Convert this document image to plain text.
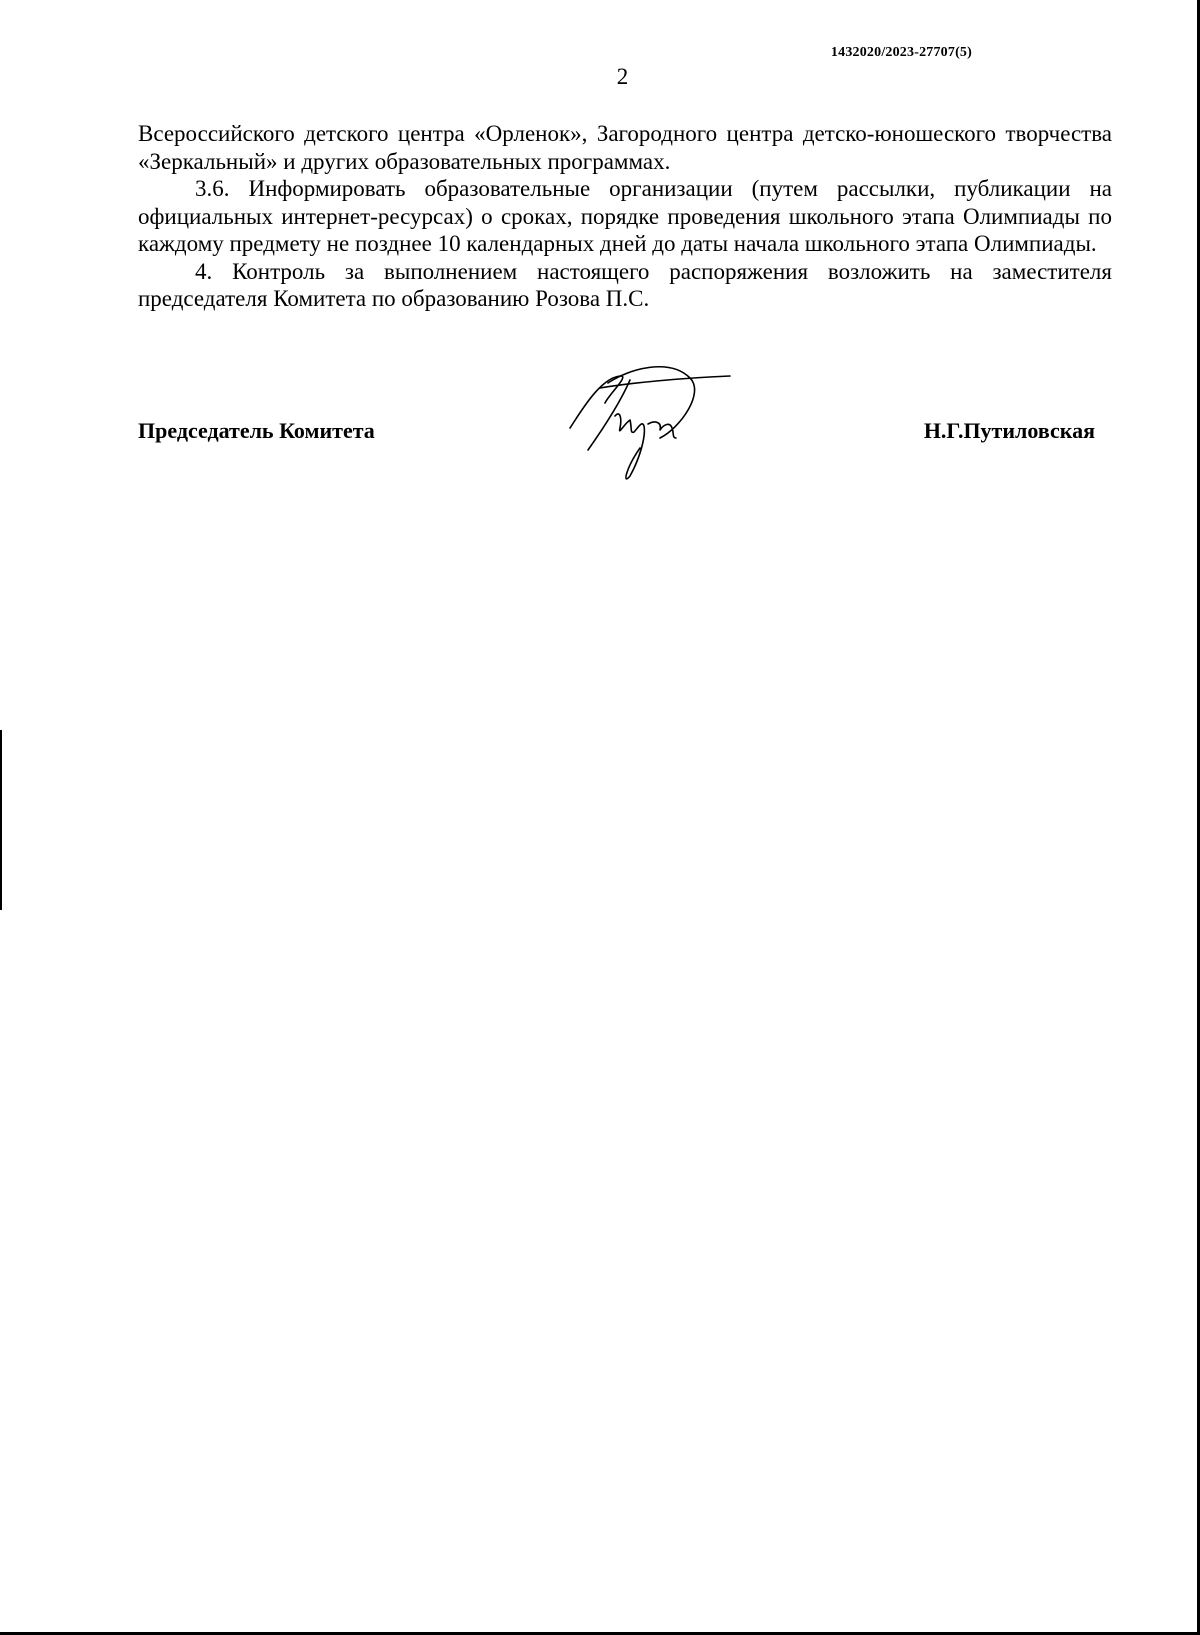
1432020/2023-27707(5)
2

Всероссийского детского центра «Орленок», Загородного центра детско-юношеского творчества «Зеркальный» и других образовательных программах.

3.6. Информировать образовательные организации (путем рассылки, публикации на официальных интернет-ресурсах) о сроках, порядке проведения школьного этапа Олимпиады по каждому предмету не позднее 10 календарных дней до даты начала школьного этапа Олимпиады.

4. Контроль за выполнением настоящего распоряжения возложить на заместителя председателя Комитета по образованию Розова П.С.

Председатель Комитета	Н.Г.Путиловская
